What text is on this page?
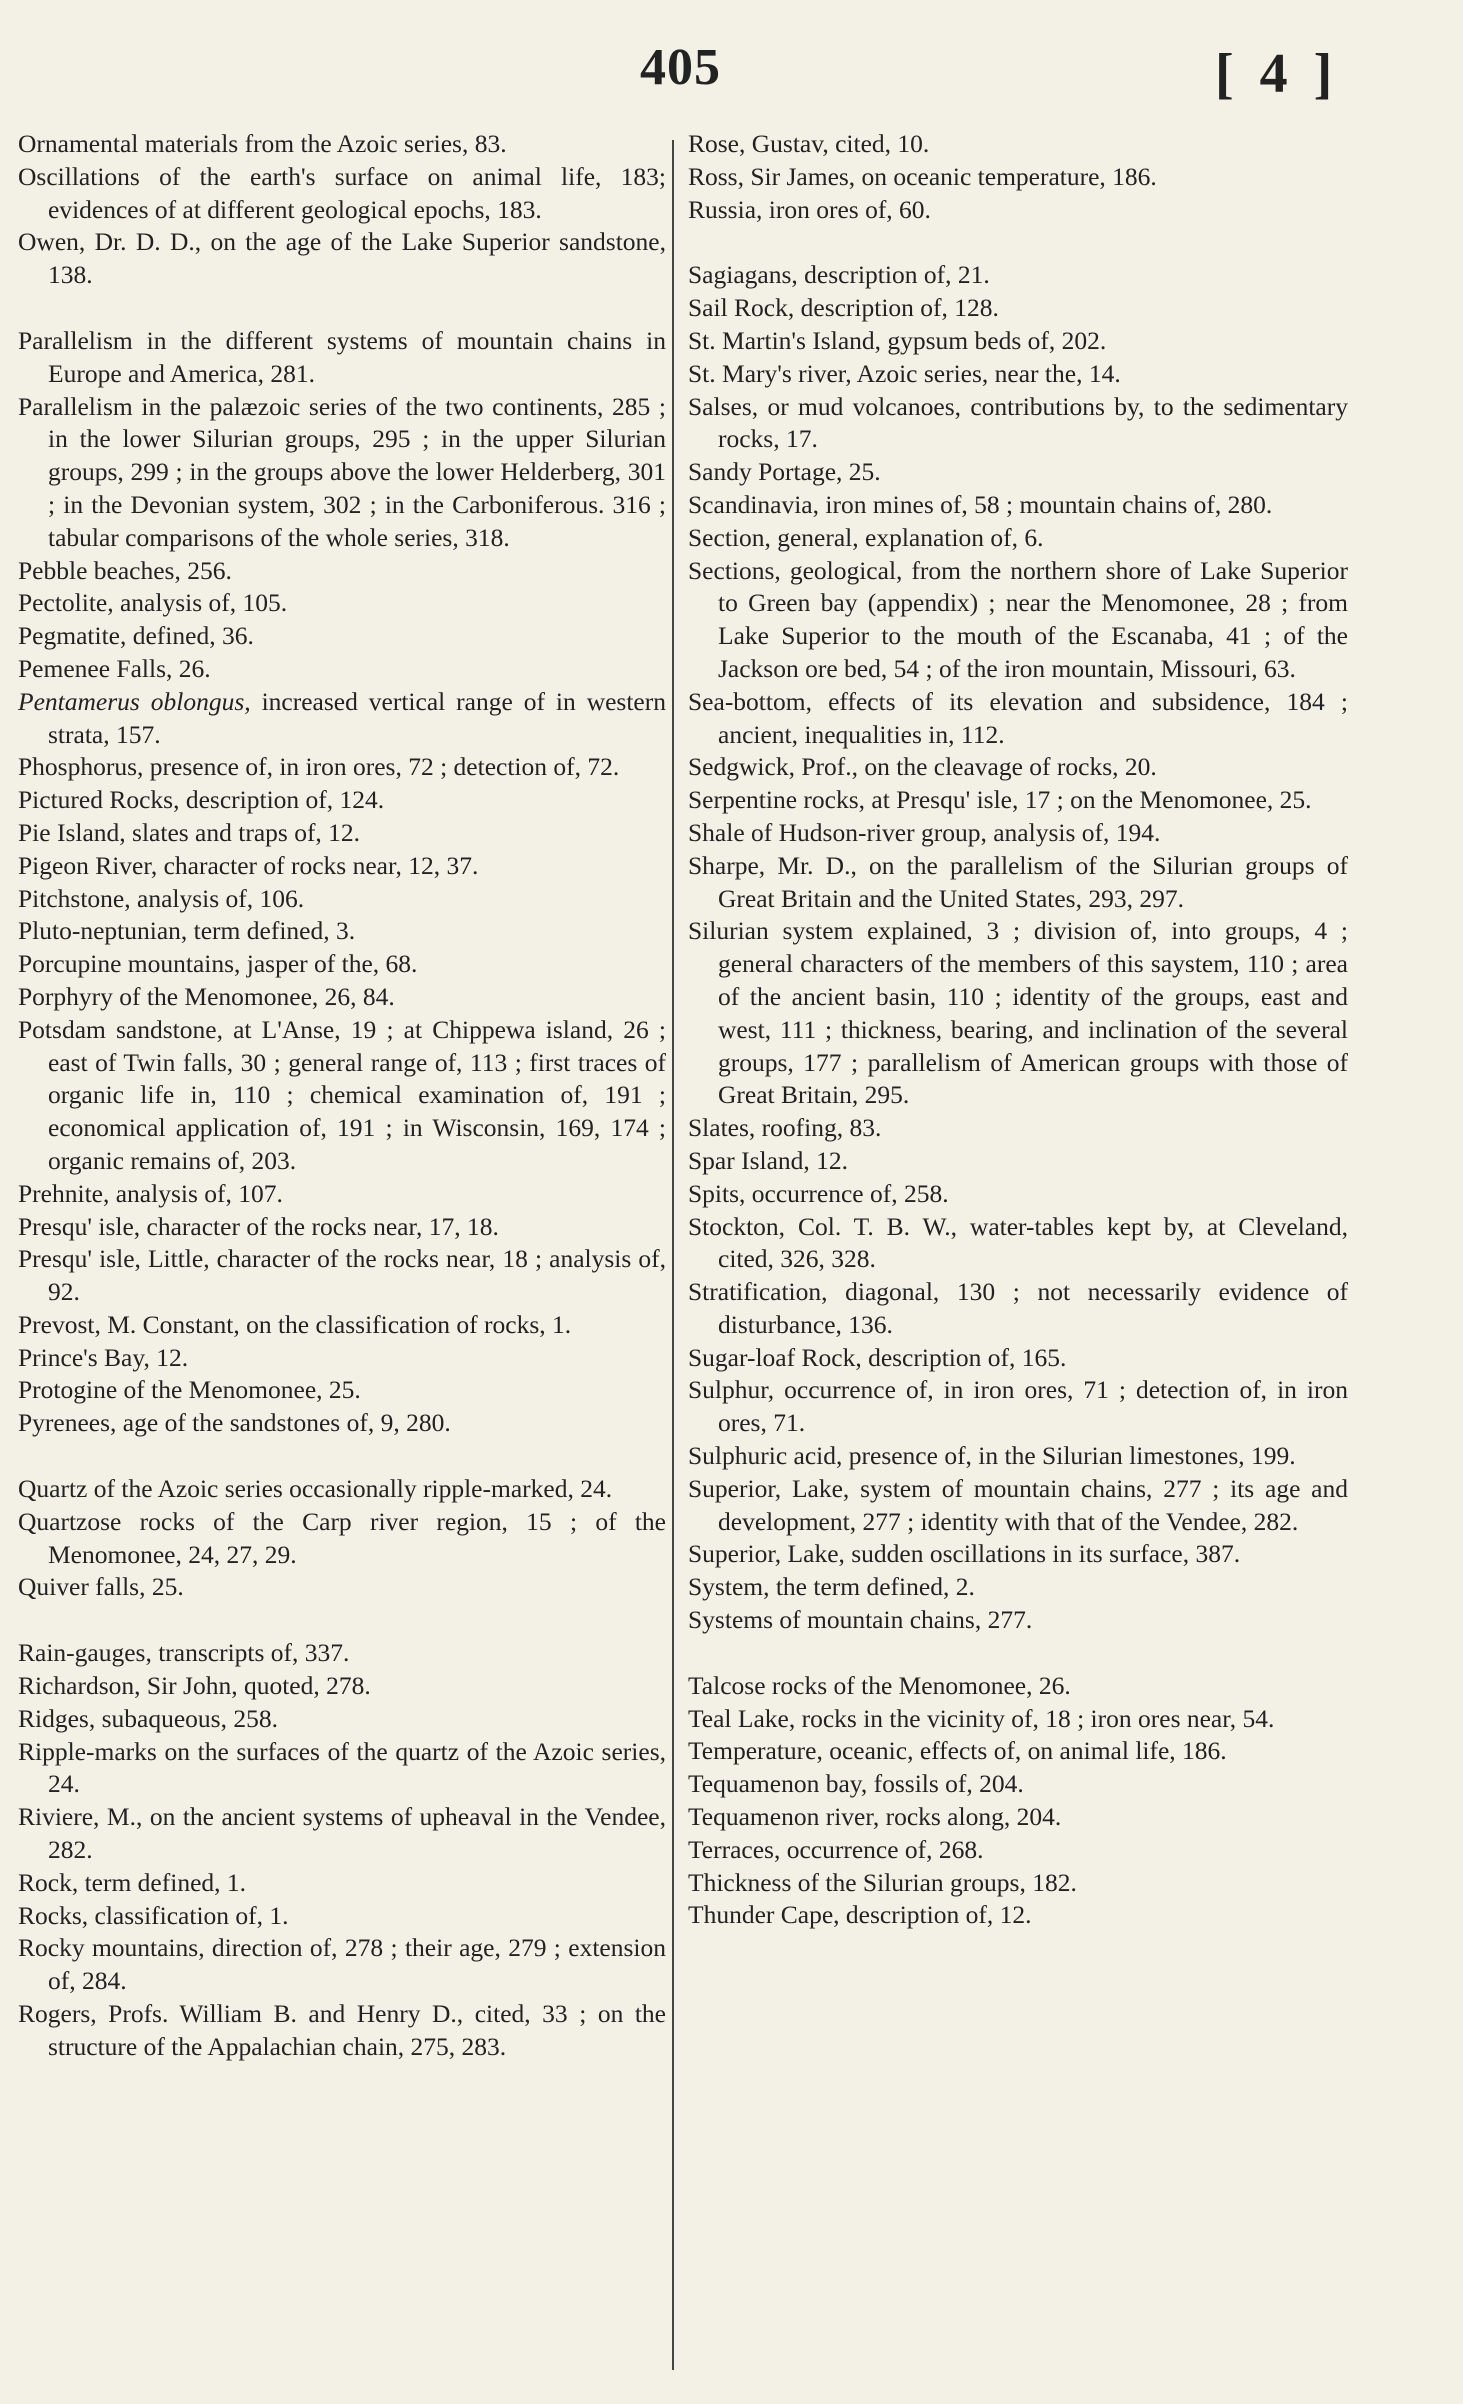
405	[ 4 ]
Ornamental materials from the Azoic series, 83.
Oscillations of the earth's surface on animal life, 183; evidences of at different geological epochs, 183.
Owen, Dr. D. D., on the age of the Lake Superior sandstone, 138.
Parallelism in the different systems of mountain chains in Europe and America, 281.
Parallelism in the palæzoic series of the two continents, 285 ; in the lower Silurian groups, 295 ; in the upper Silurian groups, 299 ; in the groups above the lower Helderberg, 301 ; in the Devonian system, 302 ; in the Carboniferous. 316 ; tabular comparisons of the whole series, 318.
Pebble beaches, 256.
Pectolite, analysis of, 105.
Pegmatite, defined, 36.
Pemenee Falls, 26.
Pentamerus oblongus, increased vertical range of in western strata, 157.
Phosphorus, presence of, in iron ores, 72 ; detection of, 72.
Pictured Rocks, description of, 124.
Pie Island, slates and traps of, 12.
Pigeon River, character of rocks near, 12, 37.
Pitchstone, analysis of, 106.
Pluto-neptunian, term defined, 3.
Porcupine mountains, jasper of the, 68.
Porphyry of the Menomonee, 26, 84.
Potsdam sandstone, at L'Anse, 19 ; at Chippewa island, 26 ; east of Twin falls, 30 ; general range of, 113 ; first traces of organic life in, 110 ; chemical examination of, 191 ; economical application of, 191 ; in Wisconsin, 169, 174 ; organic remains of, 203.
Prehnite, analysis of, 107.
Presqu' isle, character of the rocks near, 17, 18.
Presqu' isle, Little, character of the rocks near, 18 ; analysis of, 92.
Prevost, M. Constant, on the classification of rocks, 1.
Prince's Bay, 12.
Protogine of the Menomonee, 25.
Pyrenees, age of the sandstones of, 9, 280.
Quartz of the Azoic series occasionally ripple-marked, 24.
Quartzose rocks of the Carp river region, 15 ; of the Menomonee, 24, 27, 29.
Quiver falls, 25.
Rain-gauges, transcripts of, 337.
Richardson, Sir John, quoted, 278.
Ridges, subaqueous, 258.
Ripple-marks on the surfaces of the quartz of the Azoic series, 24.
Riviere, M., on the ancient systems of upheaval in the Vendee, 282.
Rock, term defined, 1.
Rocks, classification of, 1.
Rocky mountains, direction of, 278 ; their age, 279 ; extension of, 284.
Rogers, Profs. William B. and Henry D., cited, 33 ; on the structure of the Appalachian chain, 275, 283.
Rose, Gustav, cited, 10.
Ross, Sir James, on oceanic temperature, 186.
Russia, iron ores of, 60.
Sagiagans, description of, 21.
Sail Rock, description of, 128.
St. Martin's Island, gypsum beds of, 202.
St. Mary's river, Azoic series, near the, 14.
Salses, or mud volcanoes, contributions by, to the sedimentary rocks, 17.
Sandy Portage, 25.
Scandinavia, iron mines of, 58 ; mountain chains of, 280.
Section, general, explanation of, 6.
Sections, geological, from the northern shore of Lake Superior to Green bay (appendix) ; near the Menomonee, 28 ; from Lake Superior to the mouth of the Escanaba, 41 ; of the Jackson ore bed, 54 ; of the iron mountain, Missouri, 63.
Sea-bottom, effects of its elevation and subsidence, 184 ; ancient, inequalities in, 112.
Sedgwick, Prof., on the cleavage of rocks, 20.
Serpentine rocks, at Presqu' isle, 17 ; on the Menomonee, 25.
Shale of Hudson-river group, analysis of, 194.
Sharpe, Mr. D., on the parallelism of the Silurian groups of Great Britain and the United States, 293, 297.
Silurian system explained, 3 ; division of, into groups, 4 ; general characters of the members of this saystem, 110 ; area of the ancient basin, 110 ; identity of the groups, east and west, 111 ; thickness, bearing, and inclination of the several groups, 177 ; parallelism of American groups with those of Great Britain, 295.
Slates, roofing, 83.
Spar Island, 12.
Spits, occurrence of, 258.
Stockton, Col. T. B. W., water-tables kept by, at Cleveland, cited, 326, 328.
Stratification, diagonal, 130 ; not necessarily evidence of disturbance, 136.
Sugar-loaf Rock, description of, 165.
Sulphur, occurrence of, in iron ores, 71 ; detection of, in iron ores, 71.
Sulphuric acid, presence of, in the Silurian limestones, 199.
Superior, Lake, system of mountain chains, 277 ; its age and development, 277 ; identity with that of the Vendee, 282.
Superior, Lake, sudden oscillations in its surface, 387.
System, the term defined, 2.
Systems of mountain chains, 277.
Talcose rocks of the Menomonee, 26.
Teal Lake, rocks in the vicinity of, 18 ; iron ores near, 54.
Temperature, oceanic, effects of, on animal life, 186.
Tequamenon bay, fossils of, 204.
Tequamenon river, rocks along, 204.
Terraces, occurrence of, 268.
Thickness of the Silurian groups, 182.
Thunder Cape, description of, 12.
